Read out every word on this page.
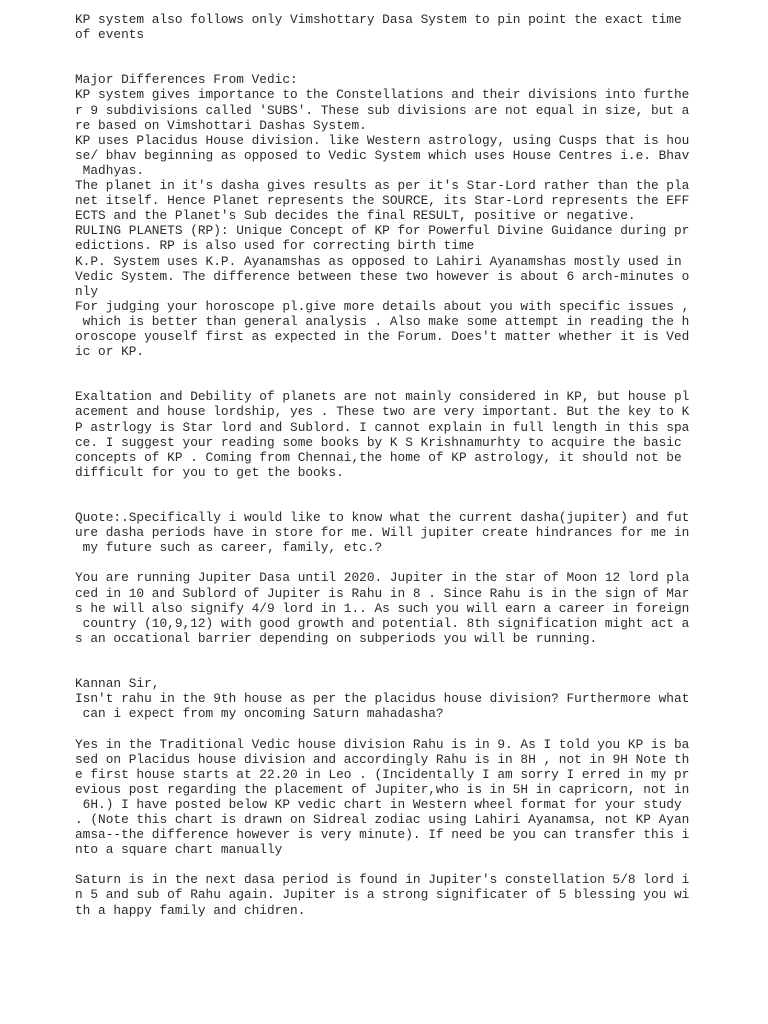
KP system also follows only Vimshottary Dasa System to pin point the exact time
of events
Major Differences From Vedic:
KP system gives importance to the Constellations and their divisions into furthe
r 9 subdivisions called 'SUBS'. These sub divisions are not equal in size, but a
re based on Vimshottari Dashas System.
KP uses Placidus House division. like Western astrology, using Cusps that is hou
se/ bhav beginning as opposed to Vedic System which uses House Centres i.e. Bhav
Madhyas.
The planet in it's dasha gives results as per it's Star-Lord rather than the pla
net itself. Hence Planet represents the SOURCE, its Star-Lord represents the EFF
ECTS and the Planet's Sub decides the final RESULT, positive or negative.
RULING PLANETS (RP): Unique Concept of KP for Powerful Divine Guidance during pr
edictions. RP is also used for correcting birth time
K.P. System uses K.P. Ayanamshas as opposed to Lahiri Ayanamshas mostly used in
Vedic System. The difference between these two however is about 6 arch-minutes o
nly
For judging your horoscope pl.give more details about you with specific issues ,
which is better than general analysis . Also make some attempt in reading the h
oroscope youself first as expected in the Forum. Does't matter whether it is Ved
ic or KP.
Exaltation and Debility of planets are not mainly considered in KP, but house pl
acement and house lordship, yes . These two are very important. But the key to K
P astrlogy is Star lord and Sublord. I cannot explain in full length in this spa
ce. I suggest your reading some books by K S Krishnamurhty to acquire the basic
concepts of KP . Coming from Chennai,the home of KP astrology, it should not be
difficult for you to get the books.
Quote:.Specifically i would like to know what the current dasha(jupiter) and fut
ure dasha periods have in store for me. Will jupiter create hindrances for me in
my future such as career, family, etc.?
You are running Jupiter Dasa until 2020. Jupiter in the star of Moon 12 lord pla
ced in 10 and Sublord of Jupiter is Rahu in 8 . Since Rahu is in the sign of Mar
s he will also signify 4/9 lord in 1.. As such you will earn a career in foreign
country (10,9,12) with good growth and potential. 8th signification might act a
s an occational barrier depending on subperiods you will be running.
Kannan Sir,
Isn't rahu in the 9th house as per the placidus house division? Furthermore what
can i expect from my oncoming Saturn mahadasha?
Yes in the Traditional Vedic house division Rahu is in 9. As I told you KP is ba
sed on Placidus house division and accordingly Rahu is in 8H , not in 9H Note th
e first house starts at 22.20 in Leo . (Incidentally I am sorry I erred in my pr
evious post regarding the placement of Jupiter,who is in 5H in capricorn, not in
6H.) I have posted below KP vedic chart in Western wheel format for your study
. (Note this chart is drawn on Sidreal zodiac using Lahiri Ayanamsa, not KP Ayan
amsa--the difference however is very minute). If need be you can transfer this i
nto a square chart manually
Saturn is in the next dasa period is found in Jupiter's constellation 5/8 lord i
n 5 and sub of Rahu again. Jupiter is a strong significater of 5 blessing you wi
th a happy family and chidren.
